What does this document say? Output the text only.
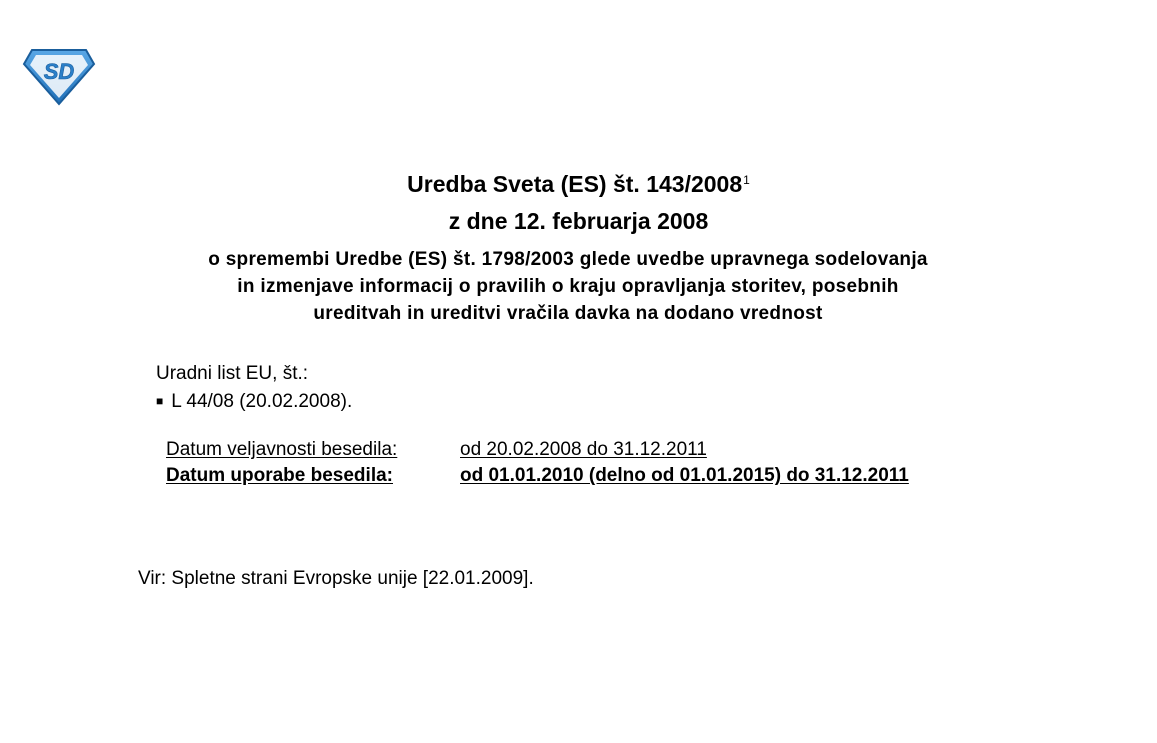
SD
Uredba Sveta (ES) št. 143/2008$^1$
z dne 12. februarja 2008
o spremembi Uredbe (ES) št. 1798/2003 glede uvedbe upravnega sodelovanja
in izmenjave informacij o pravilih o kraju opravljanja storitev, posebnih
ureditvah in ureditvi vračila davka na dodano vrednost
Uradni list EU, št.:
■ L 44/08 (20.02.2008).
Datum veljavnosti besedila:	od 20.02.2008 do 31.12.2011
Datum uporabe besedila:	od 01.01.2010 (delno od 01.01.2015) do 31.12.2011
Vir: Spletne strani Evropske unije [22.01.2009].
